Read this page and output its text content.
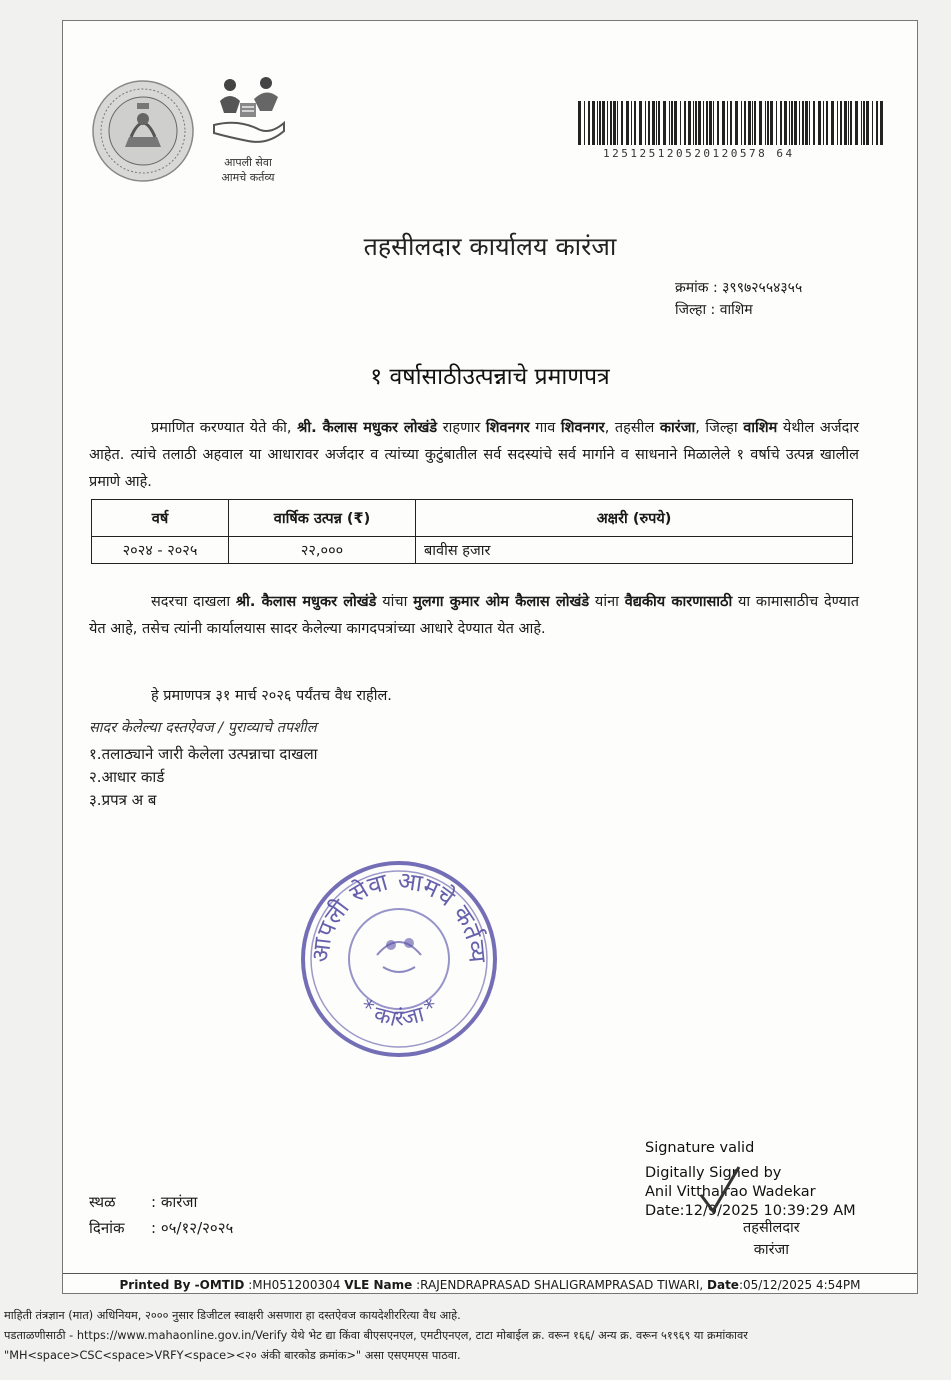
आपली सेवा
आमचे कर्तव्य
125125120520120578 64
तहसीलदार कार्यालय कारंजा
क्रमांक : ३९९७२५५४३५५
जिल्हा : वाशिम
१ वर्षासाठीउत्पन्नाचे प्रमाणपत्र
प्रमाणित करण्यात येते की, श्री. कैलास मधुकर लोखंडे राहणार शिवनगर गाव शिवनगर, तहसील कारंजा, जिल्हा वाशिम येथील अर्जदार आहेत. त्यांचे तलाठी अहवाल या आधारावर अर्जदार व त्यांच्या कुटुंबातील सर्व सदस्यांचे सर्व मार्गाने व साधनाने मिळालेले १ वर्षाचे उत्पन्न खालील प्रमाणे आहे.
वर्ष	वार्षिक उत्पन्न (₹)	अक्षरी (रुपये)
२०२४ - २०२५	२२,०००	बावीस हजार
सदरचा दाखला श्री. कैलास मधुकर लोखंडे यांचा मुलगा कुमार ओम कैलास लोखंडे यांना वैद्यकीय कारणासाठी या कामासाठीच देण्यात येत आहे, तसेच त्यांनी कार्यालयास सादर केलेल्या कागदपत्रांच्या आधारे देण्यात येत आहे.
हे प्रमाणपत्र ३१ मार्च २०२६ पर्यंतच वैध राहील.
सादर केलेल्या दस्तऐवज / पुराव्याचे तपशील
१.तलाठ्याने जारी केलेला उत्पन्नाचा दाखला
२.आधार कार्ड
३.प्रपत्र अ ब
आपली सेवा आमचे कर्तव्य
* कारंजा *
Signature valid
Digitally Signed by
Anil Vitthalrao Wadekar
Date:12/9/2025 10:39:29 AM
तहसीलदार
कारंजा
स्थळ : कारंजा
दिनांक : ०५/१२/२०२५
Printed By -OMTID :MH051200304 VLE Name :RAJENDRAPRASAD SHALIGRAMPRASAD TIWARI, Date:05/12/2025 4:54PM
माहिती तंत्रज्ञान (मात) अधिनियम, २००० नुसार डिजीटल स्वाक्षरी असणारा हा दस्तऐवज कायदेशीररित्या वैध आहे.
पडताळणीसाठी - https://www.mahaonline.gov.in/Verify येथे भेट द्या किंवा बीएसएनएल, एमटीएनएल, टाटा मोबाईल क्र. वरून १६६/ अन्य क्र. वरून ५१९६९ या क्रमांकावर
"MH<space>CSC<space>VRFY<space><२० अंकी बारकोड क्रमांक>" असा एसएमएस पाठवा.
